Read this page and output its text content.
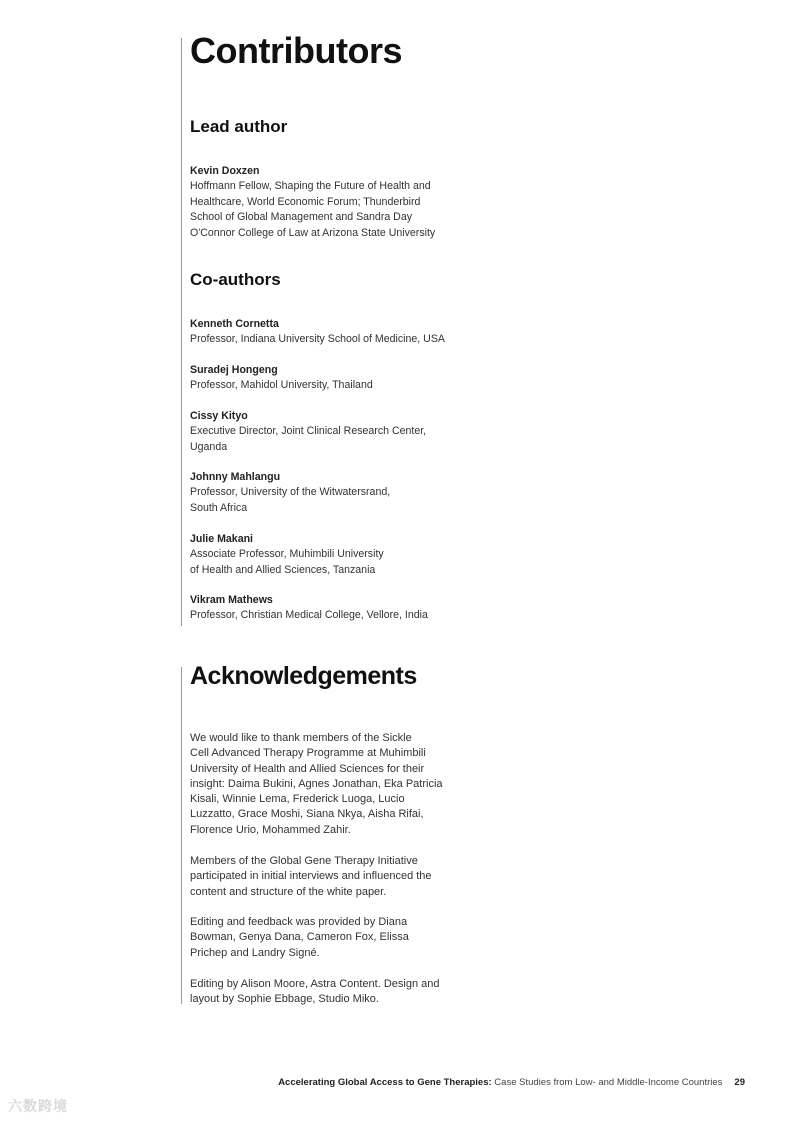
Contributors
Lead author
Kevin Doxzen
Hoffmann Fellow, Shaping the Future of Health and
Healthcare, World Economic Forum; Thunderbird
School of Global Management and Sandra Day
O'Connor College of Law at Arizona State University
Co-authors
Kenneth Cornetta
Professor, Indiana University School of Medicine, USA
Suradej Hongeng
Professor, Mahidol University, Thailand
Cissy Kityo
Executive Director, Joint Clinical Research Center,
Uganda
Johnny Mahlangu
Professor, University of the Witwatersrand,
South Africa
Julie Makani
Associate Professor, Muhimbili University
of Health and Allied Sciences, Tanzania
Vikram Mathews
Professor, Christian Medical College, Vellore, India
Acknowledgements
We would like to thank members of the Sickle
Cell Advanced Therapy Programme at Muhimbili
University of Health and Allied Sciences for their
insight: Daima Bukini, Agnes Jonathan, Eka Patricia
Kisali, Winnie Lema, Frederick Luoga, Lucio
Luzzatto, Grace Moshi, Siana Nkya, Aisha Rifai,
Florence Urio, Mohammed Zahir.
Members of the Global Gene Therapy Initiative
participated in initial interviews and influenced the
content and structure of the white paper.
Editing and feedback was provided by Diana
Bowman, Genya Dana, Cameron Fox, Elissa
Prichep and Landry Signé.
Editing by Alison Moore, Astra Content. Design and
layout by Sophie Ebbage, Studio Miko.
Accelerating Global Access to Gene Therapies: Case Studies from Low- and Middle-Income Countries 29
六数跨境
